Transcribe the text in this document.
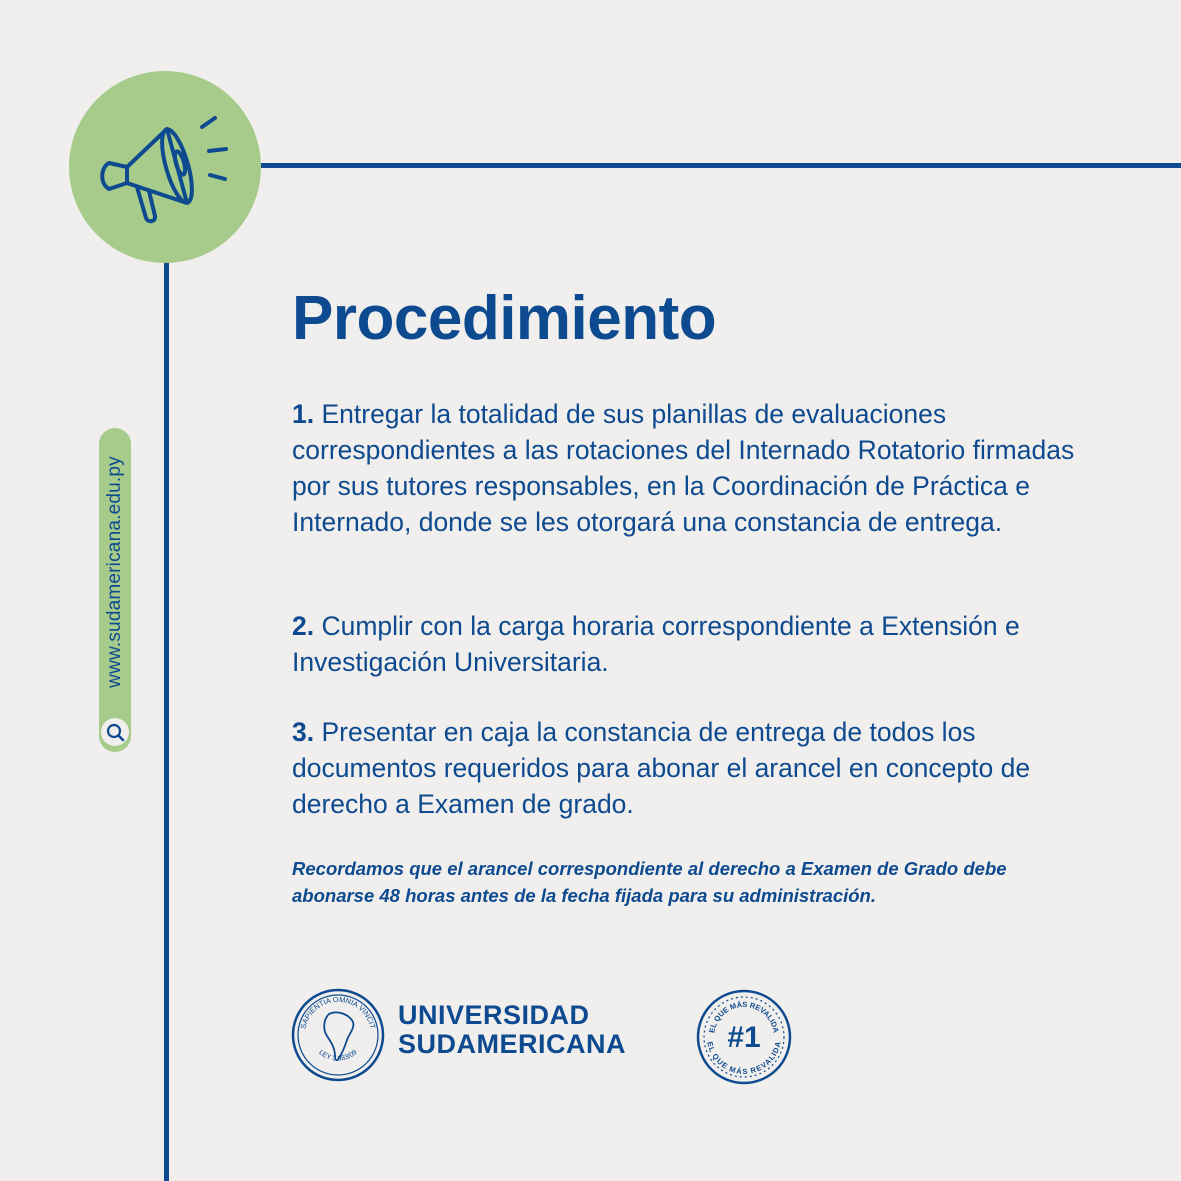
www.sudamericana.edu.py
Procedimiento
1. Entregar la totalidad de sus planillas de evaluaciones correspondientes a las rotaciones del Internado Rotatorio firmadas por sus tutores responsables, en la Coordinación de Práctica e Internado, donde se les otorgará una constancia de entrega.
2. Cumplir con la carga horaria correspondiente a Extensión e Investigación Universitaria.
3. Presentar en caja la constancia de entrega de todos los documentos requeridos para abonar el arancel en concepto de derecho a Examen de grado.
Recordamos que el arancel correspondiente al derecho a Examen de Grado debe abonarse 48 horas antes de la fecha fijada para su administración.
SAPIENTIA OMNIA VINCIT
LEY 3.883/09
UNIVERSIDAD
SUDAMERICANA	EL QUE MÁS REVALIDA
EL QUE MÁS REVALIDA
#1
